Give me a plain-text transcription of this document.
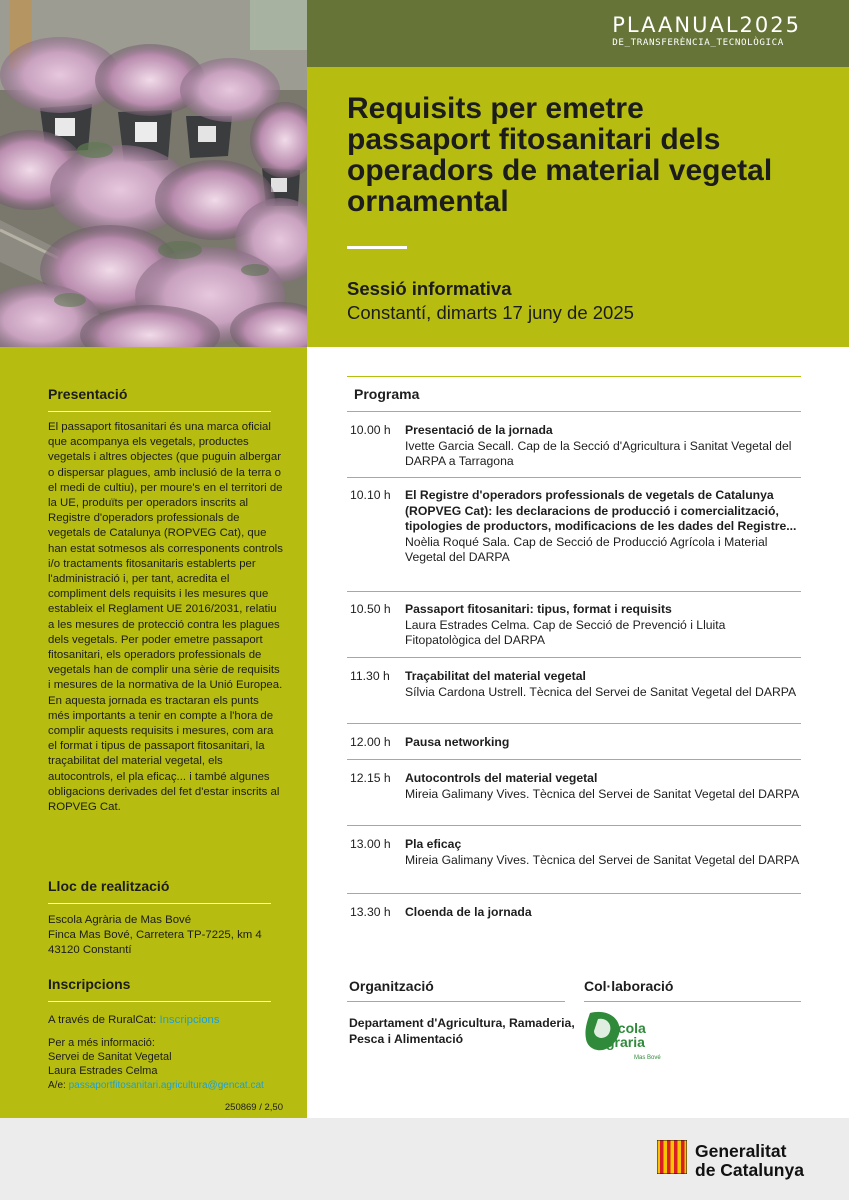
PLAANUAL2025
DE_TRANSFERÈNCIA_TECNOLÒGICA
Requisits per emetre passaport fitosanitari dels operadors de material vegetal ornamental
Sessió informativa
Constantí, dimarts 17 juny de 2025
Presentació
El passaport fitosanitari és una marca oficial que acompanya els vegetals, productes vegetals i altres objectes (que puguin albergar o dispersar plagues, amb inclusió de la terra o el medi de cultiu), per moure's en el territori de la UE, produïts per operadors inscrits al Registre d'operadors professionals de vegetals de Catalunya (ROPVEG Cat), que han estat sotmesos als corresponents controls i/o tractaments fitosanitaris establerts per l'administració i, per tant, acredita el compliment dels requisits i les mesures que estableix el Reglament UE 2016/2031, relatiu a les mesures de protecció contra les plagues dels vegetals. Per poder emetre passaport fitosanitari, els operadors professionals de vegetals han de complir una sèrie de requisits i mesures de la normativa de la Unió Europea.
En aquesta jornada es tractaran els punts més importants a tenir en compte a l'hora de complir aquests requisits i mesures, com ara el format i tipus de passaport fitosanitari, la traçabilitat del material vegetal, els autocontrols, el pla eficaç... i també algunes obligacions derivades del fet d'estar inscrits al ROPVEG Cat.
Lloc de realització
Escola Agrària de Mas Bové
Finca Mas Bové, Carretera TP-7225, km 4
43120 Constantí
Inscripcions
A través de RuralCat: Inscripcions
Per a més informació:
Servei de Sanitat Vegetal
Laura Estrades Celma
A/e: passaportfitosanitari.agricultura@gencat.cat
250869 / 2,50
Programa
10.00 h	Presentació de la jornada
Ivette Garcia Secall. Cap de la Secció d'Agricultura i Sanitat Vegetal del DARPA a Tarragona
10.10 h	El Registre d'operadors professionals de vegetals de Catalunya (ROPVEG Cat): les declaracions de producció i comercialització, tipologies de productors, modificacions de les dades del Registre...
Noèlia Roqué Sala. Cap de Secció de Producció Agrícola i Material Vegetal del DARPA
10.50 h	Passaport fitosanitari: tipus, format i requisits
Laura Estrades Celma. Cap de Secció de Prevenció i Lluita Fitopatològica del DARPA
11.30 h	Traçabilitat del material vegetal
Sílvia Cardona Ustrell. Tècnica del Servei de Sanitat Vegetal del DARPA
12.00 h	Pausa networking
12.15 h	Autocontrols del material vegetal
Mireia Galimany Vives. Tècnica del Servei de Sanitat Vegetal del DARPA
13.00 h	Pla eficaç
Mireia Galimany Vives. Tècnica del Servei de Sanitat Vegetal del DARPA
13.30 h	Cloenda de la jornada
Organització
Departament d'Agricultura, Ramaderia, Pesca i Alimentació
Col·laboració
scola
graria
Mas Bové
Generalitat
de Catalunya
